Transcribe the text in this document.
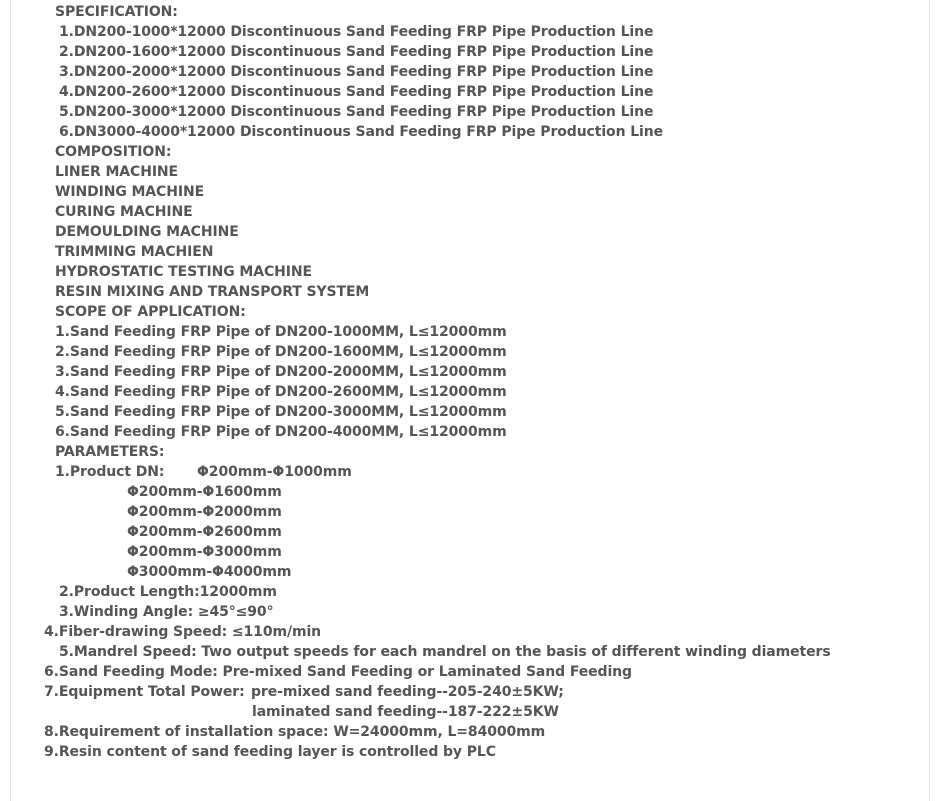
SPECIFICATION:
1.DN200-1000*12000 Discontinuous Sand Feeding FRP Pipe Production Line
2.DN200-1600*12000 Discontinuous Sand Feeding FRP Pipe Production Line
3.DN200-2000*12000 Discontinuous Sand Feeding FRP Pipe Production Line
4.DN200-2600*12000 Discontinuous Sand Feeding FRP Pipe Production Line
5.DN200-3000*12000 Discontinuous Sand Feeding FRP Pipe Production Line
6.DN3000-4000*12000 Discontinuous Sand Feeding FRP Pipe Production Line
COMPOSITION:
LINER MACHINE
WINDING MACHINE
CURING MACHINE
DEMOULDING MACHINE
TRIMMING MACHIEN
HYDROSTATIC TESTING MACHINE
RESIN MIXING AND TRANSPORT SYSTEM
SCOPE OF APPLICATION:
1.Sand Feeding FRP Pipe of DN200-1000MM, L≤12000mm
2.Sand Feeding FRP Pipe of DN200-1600MM, L≤12000mm
3.Sand Feeding FRP Pipe of DN200-2000MM, L≤12000mm
4.Sand Feeding FRP Pipe of DN200-2600MM, L≤12000mm
5.Sand Feeding FRP Pipe of DN200-3000MM, L≤12000mm
6.Sand Feeding FRP Pipe of DN200-4000MM, L≤12000mm
PARAMETERS:
1.Product DN: Φ200mm-Φ1000mm
Φ200mm-Φ1600mm
Φ200mm-Φ2000mm
Φ200mm-Φ2600mm
Φ200mm-Φ3000mm
Φ3000mm-Φ4000mm
2.Product Length:12000mm
3.Winding Angle: ≥45°≤90°
4.Fiber-drawing Speed: ≤110m/min
5.Mandrel Speed: Two output speeds for each mandrel on the basis of different winding diameters
6.Sand Feeding Mode: Pre-mixed Sand Feeding or Laminated Sand Feeding
7.Equipment Total Power: pre-mixed sand feeding--205-240±5KW;
laminated sand feeding--187-222±5KW
8.Requirement of installation space: W=24000mm, L=84000mm
9.Resin content of sand feeding layer is controlled by PLC
